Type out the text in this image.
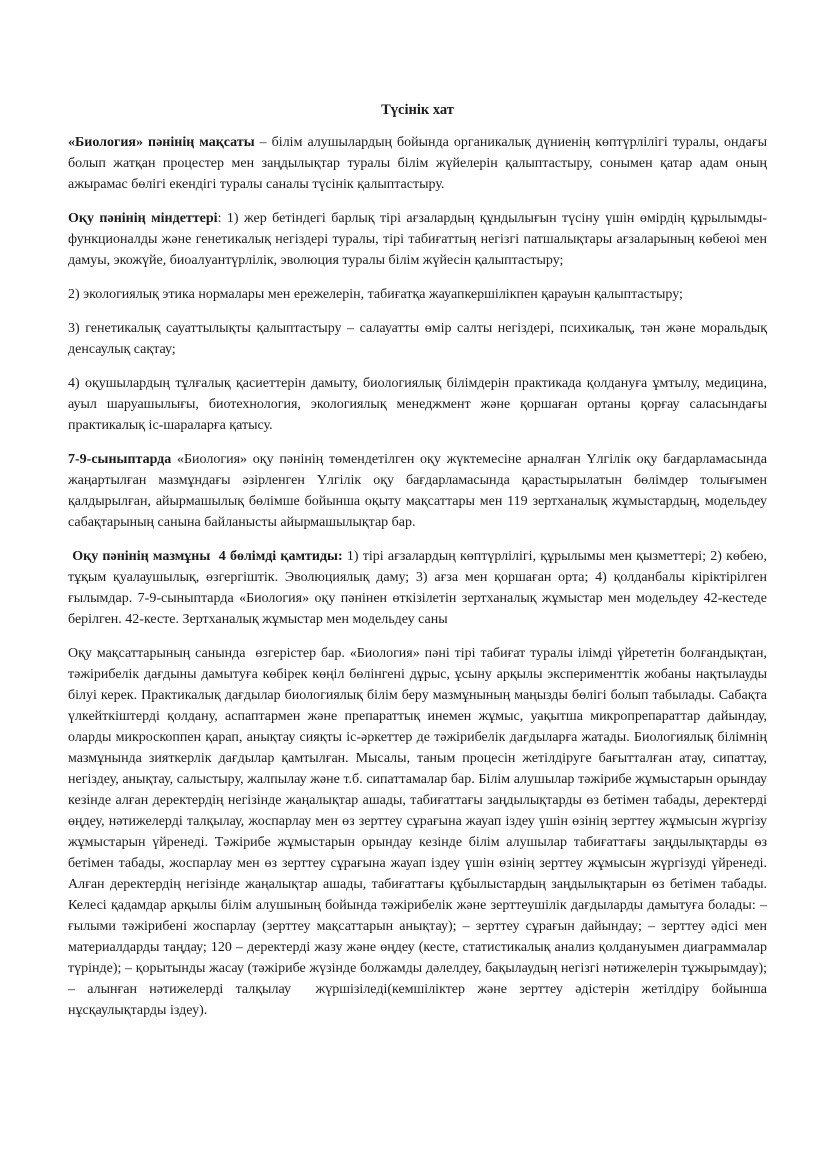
Түсінік хат

«Биология» пәнінің мақсаты – білім алушылардың бойында органикалық дүниенің көптүрлілігі туралы, ондағы болып жатқан процестер мен заңдылықтар туралы білім жүйелерін қалыптастыру, сонымен қатар адам оның ажырамас бөлігі екендігі туралы саналы түсінік қалыптастыру.

Оқу пәнінің міндеттері: 1) жер бетіндегі барлық тірі ағзалардың құндылығын түсіну үшін өмірдің құрылымды-функционалды және генетикалық негіздері туралы, тірі табиғаттың негізгі патшалықтары ағзаларының көбеюі мен дамуы, экожүйе, биоалуантүрлілік, эволюция туралы білім жүйесін қалыптастыру;

2) экологиялық этика нормалары мен ережелерін, табиғатқа жауапкершілікпен қарауын қалыптастыру;

3) генетикалық сауаттылықты қалыптастыру – салауатты өмір салты негіздері, психикалық, тән және моральдық денсаулық сақтау;

4) оқушылардың тұлғалық қасиеттерін дамыту, биологиялық білімдерін практикада қолдануға ұмтылу, медицина, ауыл шаруашылығы, биотехнология, экологиялық менеджмент және қоршаған ортаны қорғау саласындағы практикалық іс-шараларға қатысу.

7-9-сыныптарда «Биология» оқу пәнінің төмендетілген оқу жүктемесіне арналған Үлгілік оқу бағдарламасында жаңартылған мазмұндағы әзірленген Үлгілік оқу бағдарламасында қарастырылатын бөлімдер толығымен қалдырылған, айырмашылық бөлімше бойынша оқыту мақсаттары мен 119 зертханалық жұмыстардың, модельдеу сабақтарының санына байланысты айырмашылықтар бар.

Оқу пәнінің мазмұны  4 бөлімді қамтиды: 1) тірі ағзалардың көптүрлілігі, құрылымы мен қызметтері; 2) көбею, тұқым қуалаушылық, өзгергіштік. Эволюциялық даму; 3) ағза мен қоршаған орта; 4) қолданбалы кіріктірілген ғылымдар. 7-9-сыныптарда «Биология» оқу пәнінен өткізілетін зертханалық жұмыстар мен модельдеу 42-кестеде берілген. 42-кесте. Зертханалық жұмыстар мен модельдеу саны

Оқу мақсаттарының санында  өзгерістер бар. «Биология» пәні тірі табиғат туралы ілімді үйрететін болғандықтан, тәжірибелік дағдыны дамытуға көбірек көңіл бөлінгені дұрыс, ұсыну арқылы эксперименттік жобаны нақтылауды білуі керек. Практикалық дағдылар биологиялық білім беру мазмұнының маңызды бөлігі болып табылады. Сабақта үлкейткіштерді қолдану, аспаптармен және препараттық инемен жұмыс, уақытша микропрепараттар дайындау, оларды микроскоппен қарап, анықтау сияқты іс-әркеттер де тәжірибелік дағдыларға жатады. Биологиялық білімнің мазмұнында зияткерлік дағдылар қамтылған. Мысалы, таным процесін жетілдіруге бағытталған атау, сипаттау, негіздеу, анықтау, салыстыру, жалпылау және т.б. сипаттамалар бар. Білім алушылар тәжірибе жұмыстарын орындау кезінде алған деректердің негізінде жаңалықтар ашады, табиғаттағы заңдылықтарды өз бетімен табады, деректерді өңдеу, нәтижелерді талқылау, жоспарлау мен өз зерттеу сұрағына жауап іздеу үшін өзінің зерттеу жұмысын жүргізу жұмыстарын үйренеді. Тәжірибе жұмыстарын орындау кезінде білім алушылар табиғаттағы заңдылықтарды өз бетімен табады, жоспарлау мен өз зерттеу сұрағына жауап іздеу үшін өзінің зерттеу жұмысын жүргізуді үйренеді. Алған деректердің негізінде жаңалықтар ашады, табиғаттағы құбылыстардың заңдылықтарын өз бетімен табады. Келесі қадамдар арқылы білім алушының бойында тәжірибелік және зерттеушілік дағдыларды дамытуға болады: – ғылыми тәжірибені жоспарлау (зерттеу мақсаттарын анықтау); – зерттеу сұрағын дайындау; – зерттеу әдісі мен материалдарды таңдау; 120 – деректерді жазу және өңдеу (кесте, статистикалық анализ қолдануымен диаграммалар түрінде); – қорытынды жасау (тәжірибе жүзінде болжамды дәлелдеу, бақылаудың негізгі нәтижелерін тұжырымдау); – алынған нәтижелерді талқылау  жүршізіледі(кемшіліктер және зерттеу әдістерін жетілдіру бойынша нұсқаулықтарды іздеу).
